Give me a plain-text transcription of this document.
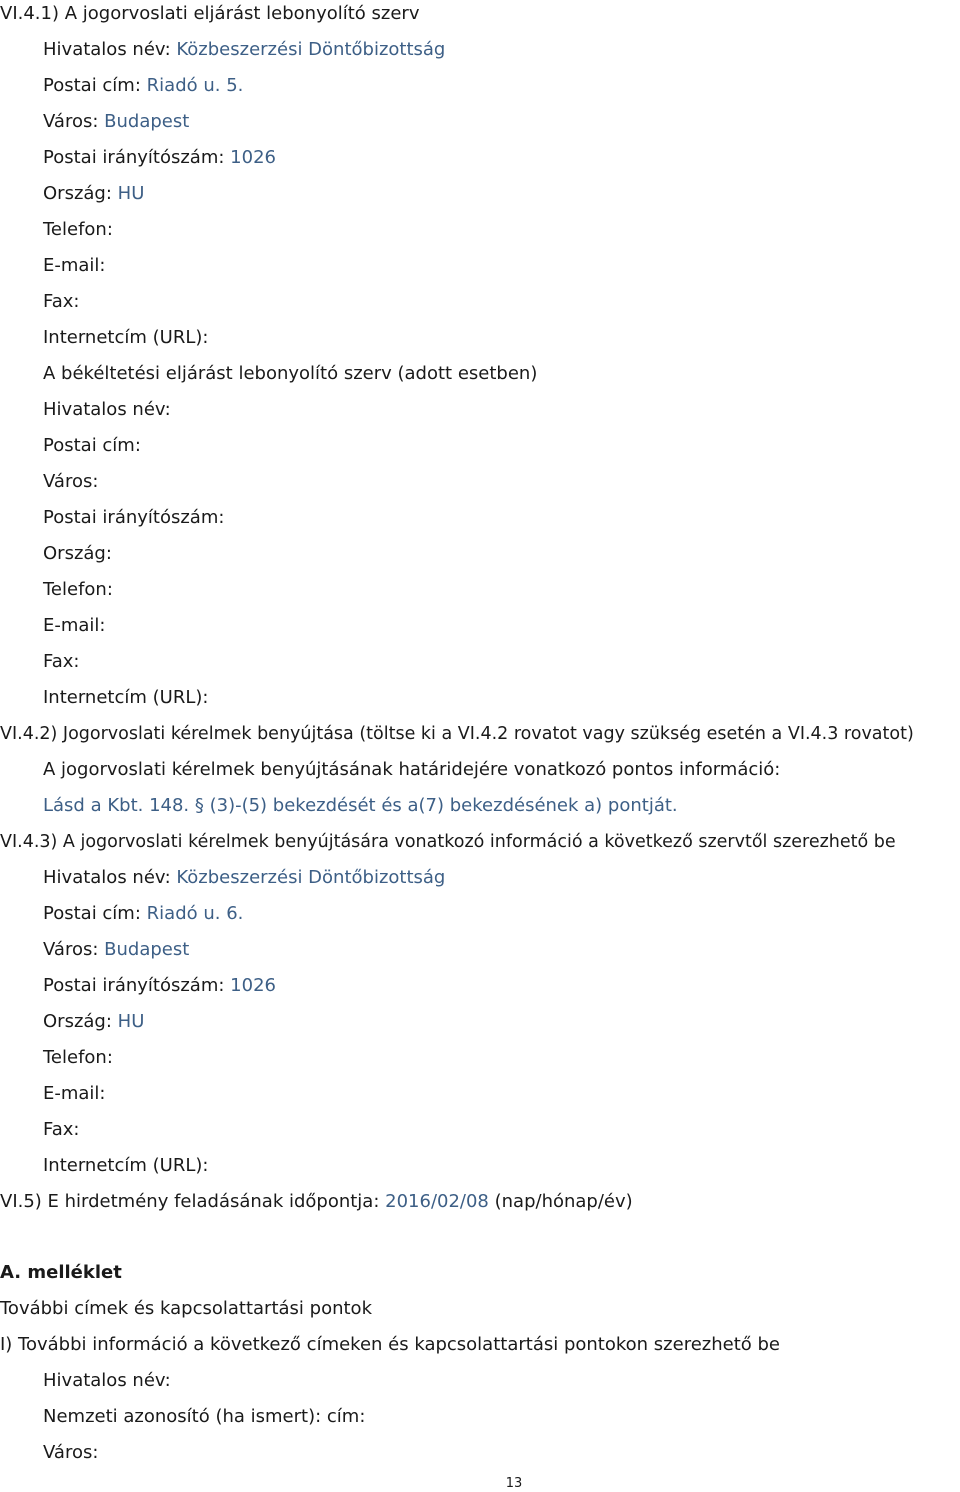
VI.4.1) A jogorvoslati eljárást lebonyolító szerv
Hivatalos név: Közbeszerzési Döntőbizottság
Postai cím: Riadó u. 5.
Város: Budapest
Postai irányítószám: 1026
Ország: HU
Telefon:
E-mail:
Fax:
Internetcím (URL):
A békéltetési eljárást lebonyolító szerv (adott esetben)
Hivatalos név:
Postai cím:
Város:
Postai irányítószám:
Ország:
Telefon:
E-mail:
Fax:
Internetcím (URL):
VI.4.2) Jogorvoslati kérelmek benyújtása (töltse ki a VI.4.2 rovatot vagy szükség esetén a VI.4.3 rovatot)
A jogorvoslati kérelmek benyújtásának határidejére vonatkozó pontos információ:
Lásd a Kbt. 148. § (3)-(5) bekezdését és a(7) bekezdésének a) pontját.
VI.4.3) A jogorvoslati kérelmek benyújtására vonatkozó információ a következő szervtől szerezhető be
Hivatalos név: Közbeszerzési Döntőbizottság
Postai cím: Riadó u. 6.
Város: Budapest
Postai irányítószám: 1026
Ország: HU
Telefon:
E-mail:
Fax:
Internetcím (URL):
VI.5) E hirdetmény feladásának időpontja: 2016/02/08 (nap/hónap/év)
A. melléklet
További címek és kapcsolattartási pontok
I) További információ a következő címeken és kapcsolattartási pontokon szerezhető be
Hivatalos név:
Nemzeti azonosító (ha ismert): cím:
Város:
13
